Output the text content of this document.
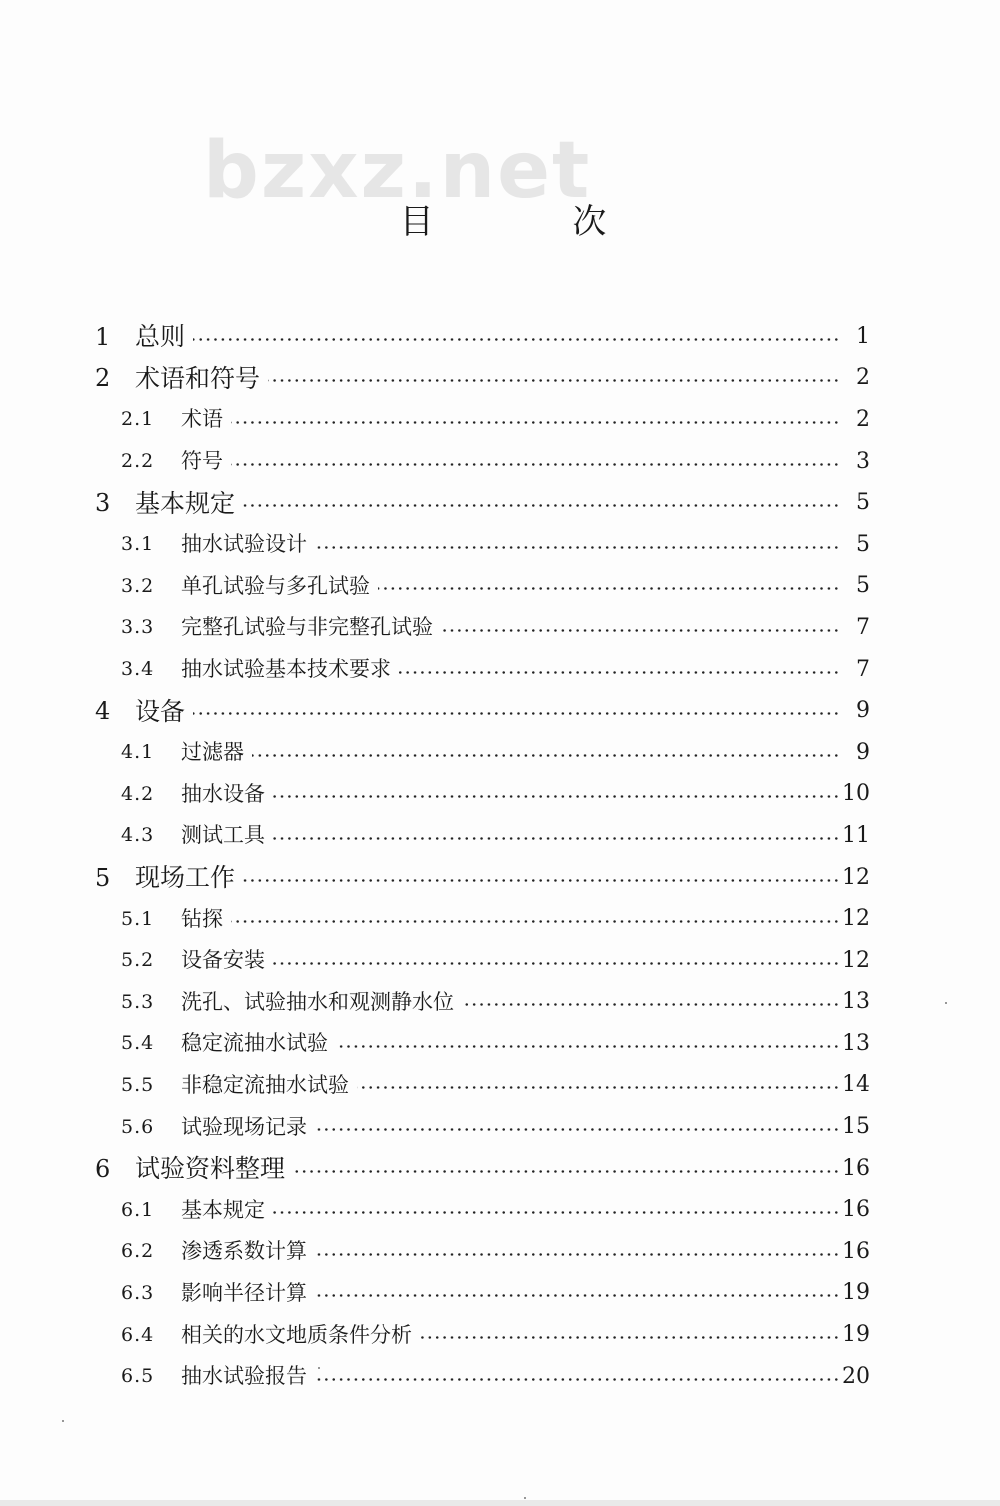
bzxz.net
目 次
1 总则	1
2 术语和符号	2
2.1 术语	2
2.2 符号	3
3 基本规定	5
3.1 抽水试验设计	5
3.2 单孔试验与多孔试验	5
3.3 完整孔试验与非完整孔试验	7
3.4 抽水试验基本技术要求	7
4 设备	9
4.1 过滤器	9
4.2 抽水设备	10
4.3 测试工具	11
5 现场工作	12
5.1 钻探	12
5.2 设备安装	12
5.3 洗孔、试验抽水和观测静水位	13
5.4 稳定流抽水试验	13
5.5 非稳定流抽水试验	14
5.6 试验现场记录	15
6 试验资料整理	16
6.1 基本规定	16
6.2 渗透系数计算	16
6.3 影响半径计算	19
6.4 相关的水文地质条件分析	19
6.5 抽水试验报告	20
